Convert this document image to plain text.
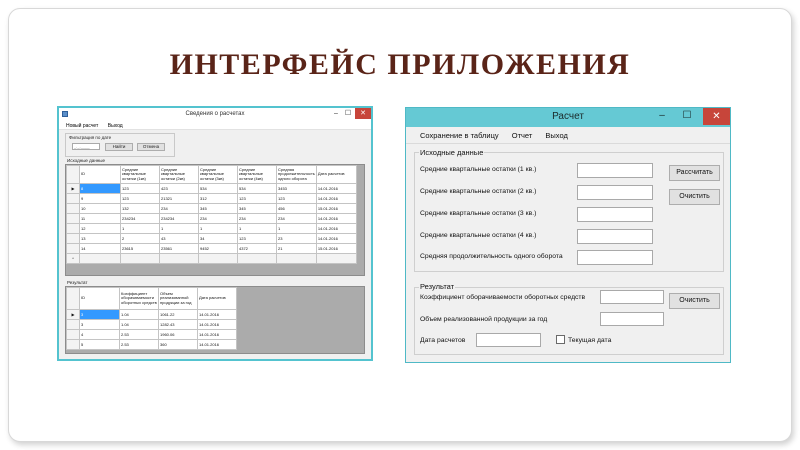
ИНТЕРФЕЙС ПРИЛОЖЕНИЯ
Сведения о расчетах	– ☐	✕
Новый расчет Выход
Фильтрация по дате
_._.____	Найти	Отмена
Исходные данные
	ID	Средние квартальные остатки (1кв)	Средние квартальные остатки (2кв)	Средние квартальные остатки (3кв)	Средние квартальные остатки (4кв)	Средняя продолжительность одного оборота	Дата расчетов
▶	8	123	423	534	534	3453	14.01.2016
	9	123	21321	312	123	123	14.01.2016
	10	132	234	345	345	456	15.01.2016
	11	234234	234234	234	234	234	14.01.2016
	12	1	1	1	1	1	14.01.2016
	13	2	43	34	123	23	14.01.2016
	14	23615	23561	9452	4372	21	15.01.2016
*							
Результат
	ID	Коэффициент оборачиваемости оборотных средств	Объем реализованной продукции за год	Дата расчетов
▶	3	1.04	1061.22	14.01.2016
	3	1.04	1282.43	14.01.2016
	4	2.53	1960.06	14.01.2016
	5	2.53	360	14.01.2016
Расчет	–	☐	✕
Сохранение в таблицу Отчет Выход
Исходные данные
Средние квартальные остатки (1 кв.)
Средние квартальные остатки (2 кв.)
Средние квартальные остатки (3 кв.)
Средние квартальные остатки (4 кв.)
Средняя продолжительность одного оборота
Рассчитать
Очистить
Результат
Коэффициент оборачиваемости оборотных средств
Объем реализованной продукции за год
Дата расчетов	Текущая дата
Очистить
